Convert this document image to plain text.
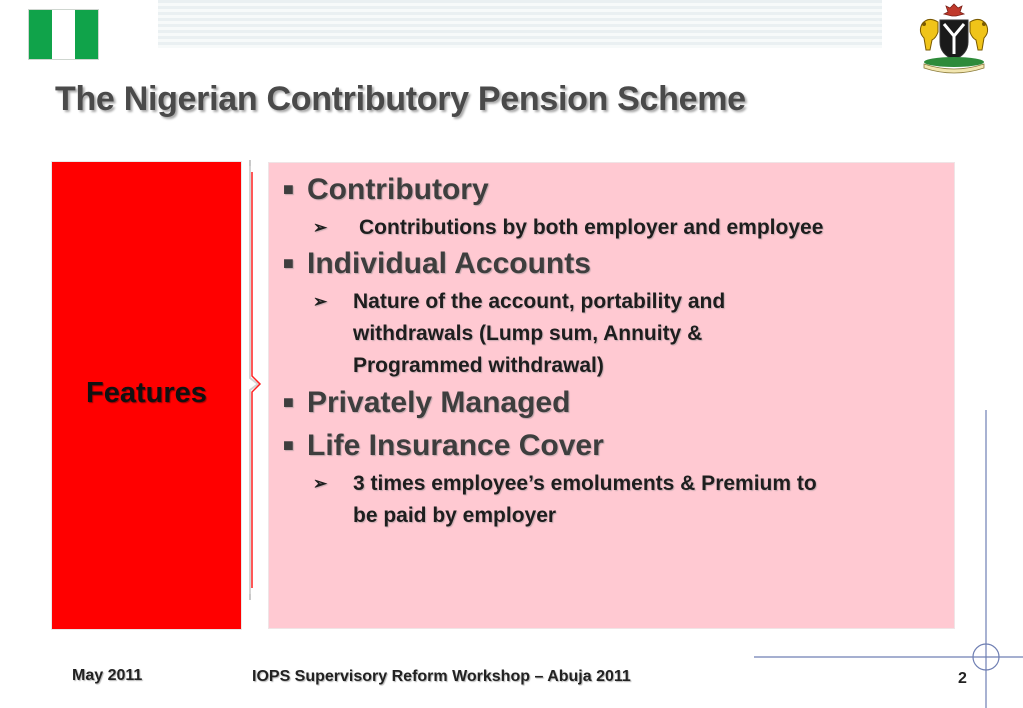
The Nigerian Contributory Pension Scheme
Features
■ Contributory
➢	Contributions by both employer and employee
■ Individual Accounts
➢	Nature of the account, portability and
withdrawals (Lump sum, Annuity &
Programmed withdrawal)
■ Privately Managed
■ Life Insurance Cover
➢	3 times employee’s emoluments & Premium to
be paid by employer
May 2011	IOPS Supervisory Reform Workshop – Abuja 2011	2
